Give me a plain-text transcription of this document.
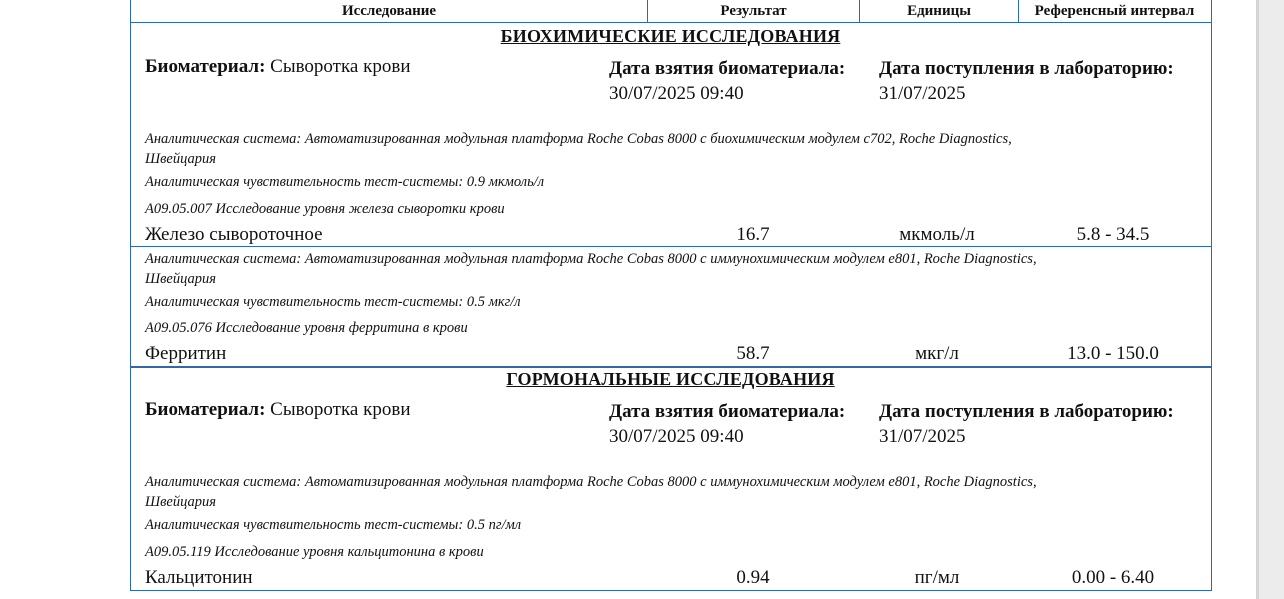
Исследование	Результат	Единицы	Референсный интервал
БИОХИМИЧЕСКИЕ ИССЛЕДОВАНИЯ
Биоматериал: Сыворотка крови	Дата взятия биоматериала:
30/07/2025 09:40
Дата поступления в лабораторию:
31/07/2025
Аналитическая система: Автоматизированная модульная платформа Roche Cobas 8000 с биохимическим модулем c702, Roche Diagnostics,
Швейцария
Аналитическая чувствительность тест-системы: 0.9 мкмоль/л
A09.05.007 Исследование уровня железа сыворотки крови
Железо сывороточное	16.7	мкмоль/л	5.8 - 34.5
Аналитическая система: Автоматизированная модульная платформа Roche Cobas 8000 с иммунохимическим модулем e801, Roche Diagnostics,
Швейцария
Аналитическая чувствительность тест-системы: 0.5 мкг/л
A09.05.076 Исследование уровня ферритина в крови
Ферритин	58.7	мкг/л	13.0 - 150.0
ГОРМОНАЛЬНЫЕ ИССЛЕДОВАНИЯ
Биоматериал: Сыворотка крови	Дата взятия биоматериала:
30/07/2025 09:40
Дата поступления в лабораторию:
31/07/2025
Аналитическая система: Автоматизированная модульная платформа Roche Cobas 8000 с иммунохимическим модулем e801, Roche Diagnostics,
Швейцария
Аналитическая чувствительность тест-системы: 0.5 пг/мл
A09.05.119 Исследование уровня кальцитонина в крови
Кальцитонин	0.94	пг/мл	0.00 - 6.40
